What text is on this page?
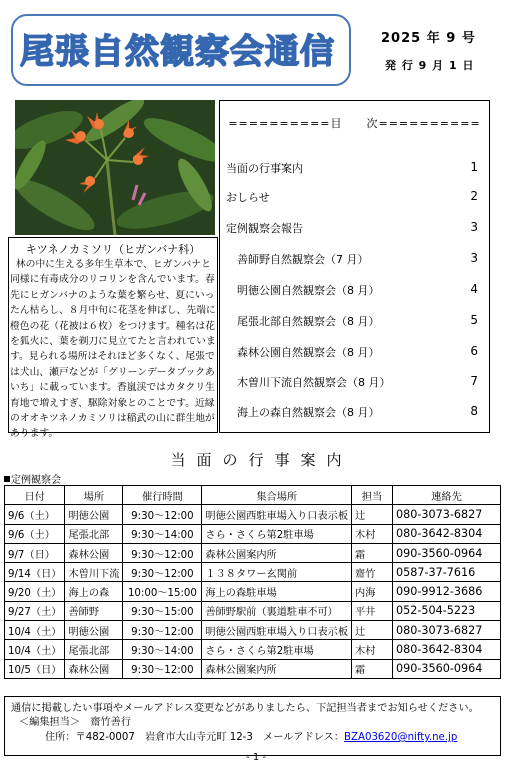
尾張自然観察会通信	2025 年 9 号
発 行 9 月 1 日
キツネノカミソリ（ヒガンバナ科）
林の中に生える多年生草本で、ヒガンバナと同様に有毒成分のリコリンを含んでいます。春先にヒガンバナのような葉を繁らせ、夏にいったん枯らし、８月中旬に花茎を伸ばし、先端に橙色の花（花被は６枚）をつけます。種名は花を狐火に、葉を剃刀に見立てたと言われています。見られる場所はそれほど多くなく、尾張では犬山、瀬戸などが「グリーンデータブックあいち」に載っています。香嵐渓ではカタクリ生育地で増えすぎ、駆除対象とのことです。近縁のオオキツネノカミソリは稲武の山に群生地があります。
==========目　　次==========
当面の行事案内	1
おしらせ	2
定例観察会報告	3
善師野自然観察会（7 月）	3
明徳公園自然観察会（8 月）	4
尾張北部自然観察会（8 月）	5
森林公園自然観察会（8 月）	6
木曽川下流自然観察会（8 月）	7
海上の森自然観察会（8 月）	8
当面の行事案内
定例観察会
日付	場所	催行時間	集合場所	担当	連絡先
9/6（土）	明徳公園	9:30～12:00	明徳公園西駐車場入り口表示板	辻	080-3073-6827
9/6（土）	尾張北部	9:30～14:00	さら・さくら第2駐車場	木村	080-3642-8304
9/7（日）	森林公園	9:30～12:00	森林公園案内所	霜	090-3560-0964
9/14（日）	木曽川下流	9:30～12:00	１３８タワー玄関前	齋竹	0587-37-7616
9/20（土）	海上の森	10:00～15:00	海上の森駐車場	内海	090-9912-3686
9/27（土）	善師野	9:30～15:00	善師野駅前（裏道駐車不可）	平井	052-504-5223
10/4（土）	明徳公園	9:30～12:00	明徳公園西駐車場入り口表示板	辻	080-3073-6827
10/4（土）	尾張北部	9:30～14:00	さら・さくら第2駐車場	木村	080-3642-8304
10/5（日）	森林公園	9:30～12:00	森林公園案内所	霜	090-3560-0964
通信に掲載したい事項やメールアドレス変更などがありましたら、下記担当者までお知らせください。
＜編集担当＞　齋竹善行
住所：〒482-0007　岩倉市大山寺元町 12-3　メールアドレス：BZA03620@nifty.ne.jp
- 1 -
